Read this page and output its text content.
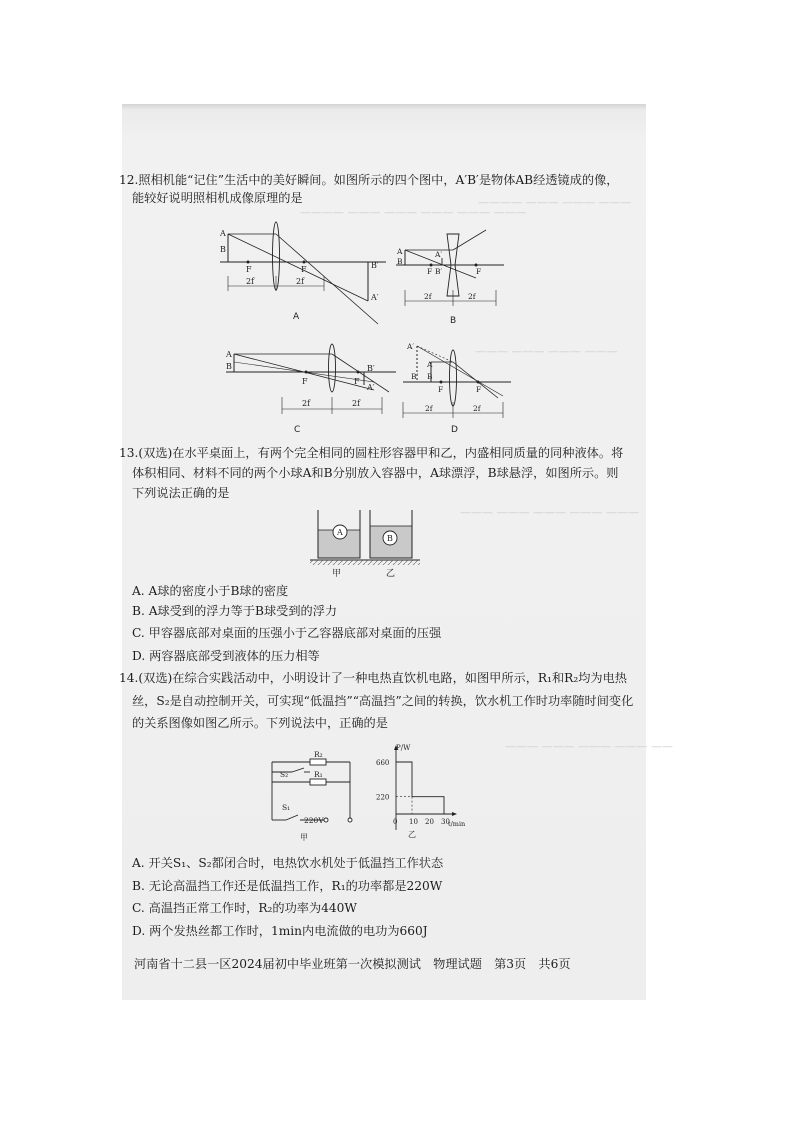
———— ——— ——— ———
———— ——— ——— ——— ——— ———
——— ——— ——— ———
——— ——— ——— ——— ———
——— ——— ——— ——— ——
12.照相机能“记住”生活中的美好瞬间。如图所示的四个图中，A′B′是物体AB经透镜成的像，
能较好说明照相机成像原理的是
A
B
F	F	B′
A′
2f	2f
A
A
B
A′
B′
F	F
2f	2f
B
A
B
F	F
B′
A′
2f	2f
C
A′
A
B′ B
F	F
2f	2f
D
13.(双选)在水平桌面上，有两个完全相同的圆柱形容器甲和乙，内盛相同质量的同种液体。将
体积相同、材料不同的两个小球A和B分别放入容器中，A球漂浮，B球悬浮，如图所示。则
下列说法正确的是
A
B
甲	乙
A. A球的密度小于B球的密度
B. A球受到的浮力等于B球受到的浮力
C. 甲容器底部对桌面的压强小于乙容器底部对桌面的压强
D. 两容器底部受到液体的压力相等
14.(双选)在综合实践活动中，小明设计了一种电热直饮机电路，如图甲所示，R₁和R₂均为电热
丝，S₂是自动控制开关，可实现“低温挡”“高温挡”之间的转换，饮水机工作时功率随时间变化
的关系图像如图乙所示。下列说法中，正确的是
R₂
R₁
S₂
S₁
220V
甲
P/W
t/min
乙
660
220
0 10 20 30
A. 开关S₁、S₂都闭合时，电热饮水机处于低温挡工作状态
B. 无论高温挡工作还是低温挡工作，R₁的功率都是220W
C. 高温挡正常工作时，R₂的功率为440W
D. 两个发热丝都工作时，1min内电流做的电功为660J
河南省十二县一区2024届初中毕业班第一次模拟测试　物理试题　第3页　共6页
